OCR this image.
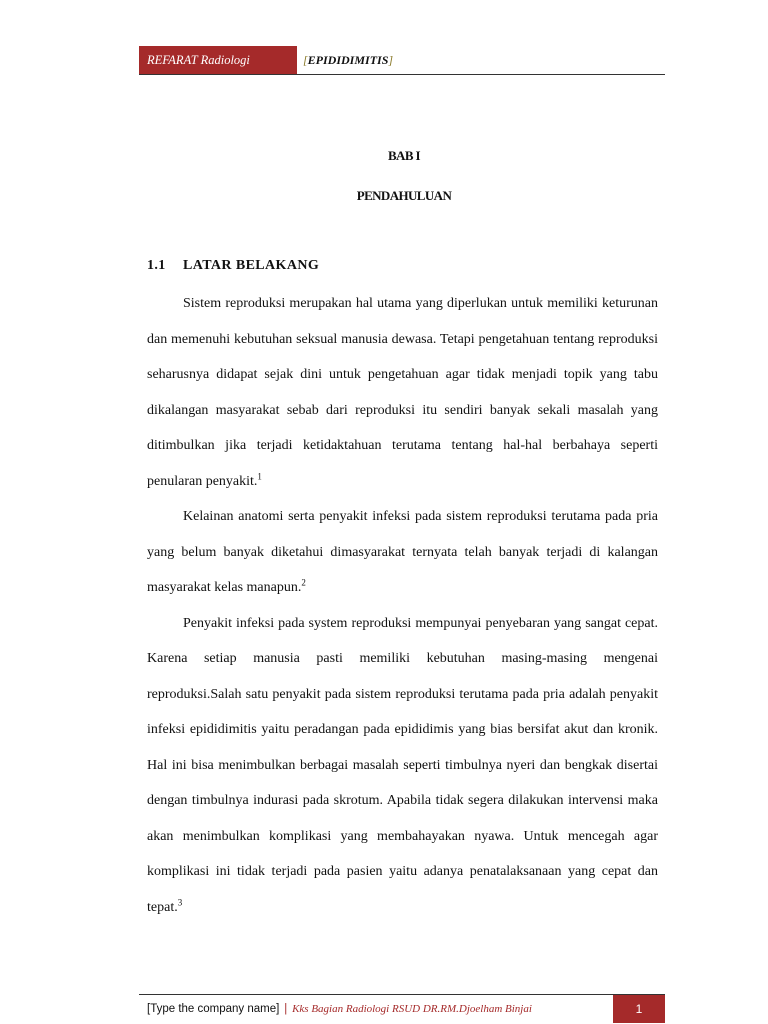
REFARAT Radiologi	[EPIDIDIMITIS]
BAB I
PENDAHULUAN
1.1 LATAR BELAKANG

Sistem reproduksi merupakan hal utama yang diperlukan untuk memiliki keturunan dan memenuhi kebutuhan seksual manusia dewasa. Tetapi pengetahuan tentang reproduksi seharusnya didapat sejak dini untuk pengetahuan agar tidak menjadi topik yang tabu dikalangan masyarakat sebab dari reproduksi itu sendiri banyak sekali masalah yang ditimbulkan jika terjadi ketidaktahuan terutama tentang hal-hal berbahaya seperti penularan penyakit.$^1$

Kelainan anatomi serta penyakit infeksi pada sistem reproduksi terutama pada pria yang belum banyak diketahui dimasyarakat ternyata telah banyak terjadi di kalangan masyarakat kelas manapun.$^2$

Penyakit infeksi pada system reproduksi mempunyai penyebaran yang sangat cepat. Karena setiap manusia pasti memiliki kebutuhan masing-masing mengenai reproduksi.Salah satu penyakit pada sistem reproduksi terutama pada pria adalah penyakit infeksi epididimitis yaitu peradangan pada epididimis yang bias bersifat akut dan kronik. Hal ini bisa menimbulkan berbagai masalah seperti timbulnya nyeri dan bengkak disertai dengan timbulnya indurasi pada skrotum. Apabila tidak segera dilakukan intervensi maka akan menimbulkan komplikasi yang membahayakan nyawa. Untuk mencegah agar komplikasi ini tidak terjadi pada pasien yaitu adanya penatalaksanaan yang cepat dan tepat.$^3$

[Type the company name] | Kks Bagian Radiologi RSUD DR.RM.Djoelham Binjai	1
